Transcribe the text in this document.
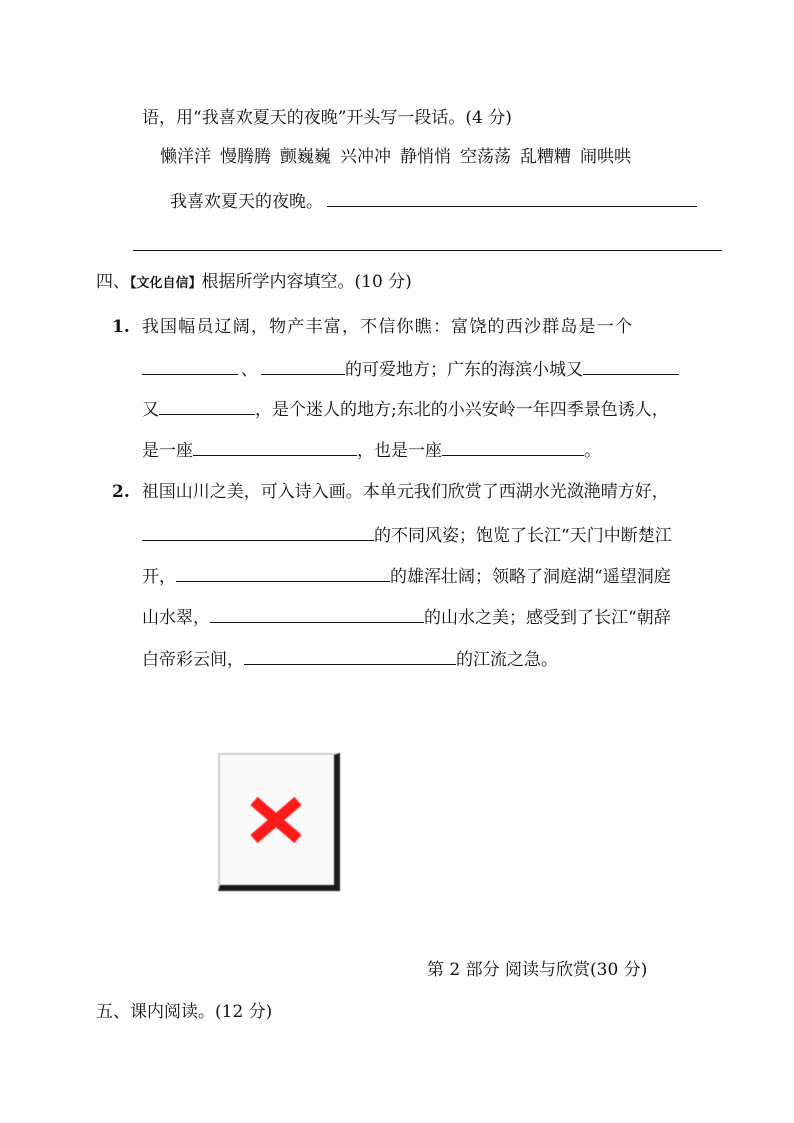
语，用“我喜欢夏天的夜晚”开头写一段话。(4 分)
懒洋洋 慢腾腾 颤巍巍 兴冲冲 静悄悄 空荡荡 乱糟糟 闹哄哄
我喜欢夏天的夜晚。
四、【文化自信】根据所学内容填空。(10 分)
1. 我国幅员辽阔，物产丰富，不信你瞧：富饶的西沙群岛是一个
、	的可爱地方；广东的海滨小城又
又	，是个迷人的地方;东北的小兴安岭一年四季景色诱人，
是一座	，也是一座	。
2. 祖国山川之美，可入诗入画。本单元我们欣赏了西湖水光潋滟晴方好，
的不同风姿；饱览了长江“天门中断楚江
开，	的雄浑壮阔；领略了洞庭湖“遥望洞庭
山水翠，	的山水之美；感受到了长江“朝辞
白帝彩云间，	的江流之急。
第 2 部分 阅读与欣赏(30 分)
五、课内阅读。(12 分)
